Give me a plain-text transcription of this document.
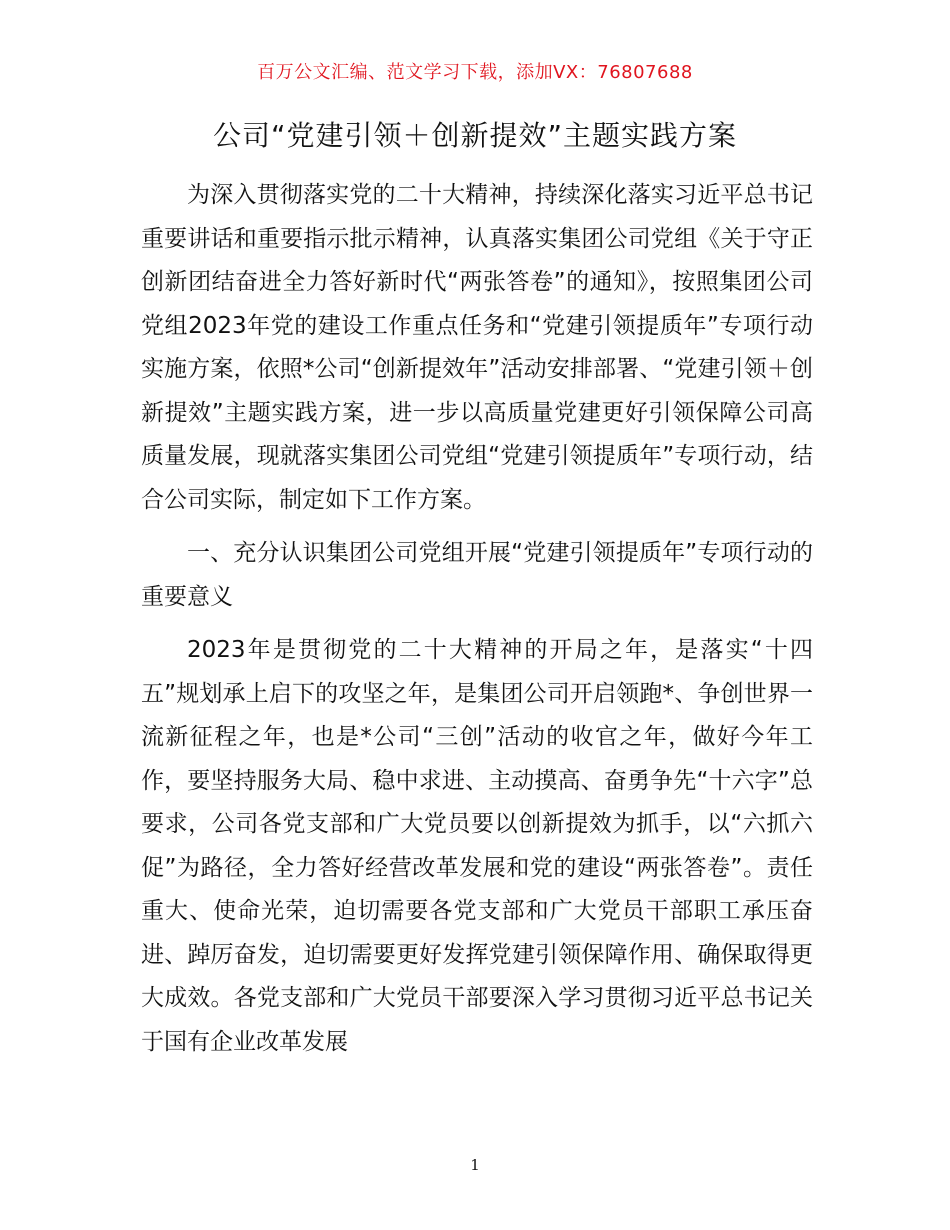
百万公文汇编、范文学习下载，添加VX：76807688
公司“党建引领＋创新提效”主题实践方案

为深入贯彻落实党的二十大精神，持续深化落实习近平总书记重要讲话和重要指示批示精神，认真落实集团公司党组《关于守正创新团结奋进全力答好新时代“两张答卷”的通知》，按照集团公司党组2023年党的建设工作重点任务和“党建引领提质年”专项行动实施方案，依照*公司“创新提效年”活动安排部署、“党建引领＋创新提效”主题实践方案，进一步以高质量党建更好引领保障公司高质量发展，现就落实集团公司党组“党建引领提质年”专项行动，结合公司实际，制定如下工作方案。

一、充分认识集团公司党组开展“党建引领提质年”专项行动的重要意义

2023年是贯彻党的二十大精神的开局之年，是落实“十四五”规划承上启下的攻坚之年，是集团公司开启领跑*、争创世界一流新征程之年，也是*公司“三创”活动的收官之年，做好今年工作，要坚持服务大局、稳中求进、主动摸高、奋勇争先“十六字”总要求，公司各党支部和广大党员要以创新提效为抓手，以“六抓六促”为路径，全力答好经营改革发展和党的建设“两张答卷”。责任重大、使命光荣，迫切需要各党支部和广大党员干部职工承压奋进、踔厉奋发，迫切需要更好发挥党建引领保障作用、确保取得更大成效。各党支部和广大党员干部要深入学习贯彻习近平总书记关于国有企业改革发展

1
